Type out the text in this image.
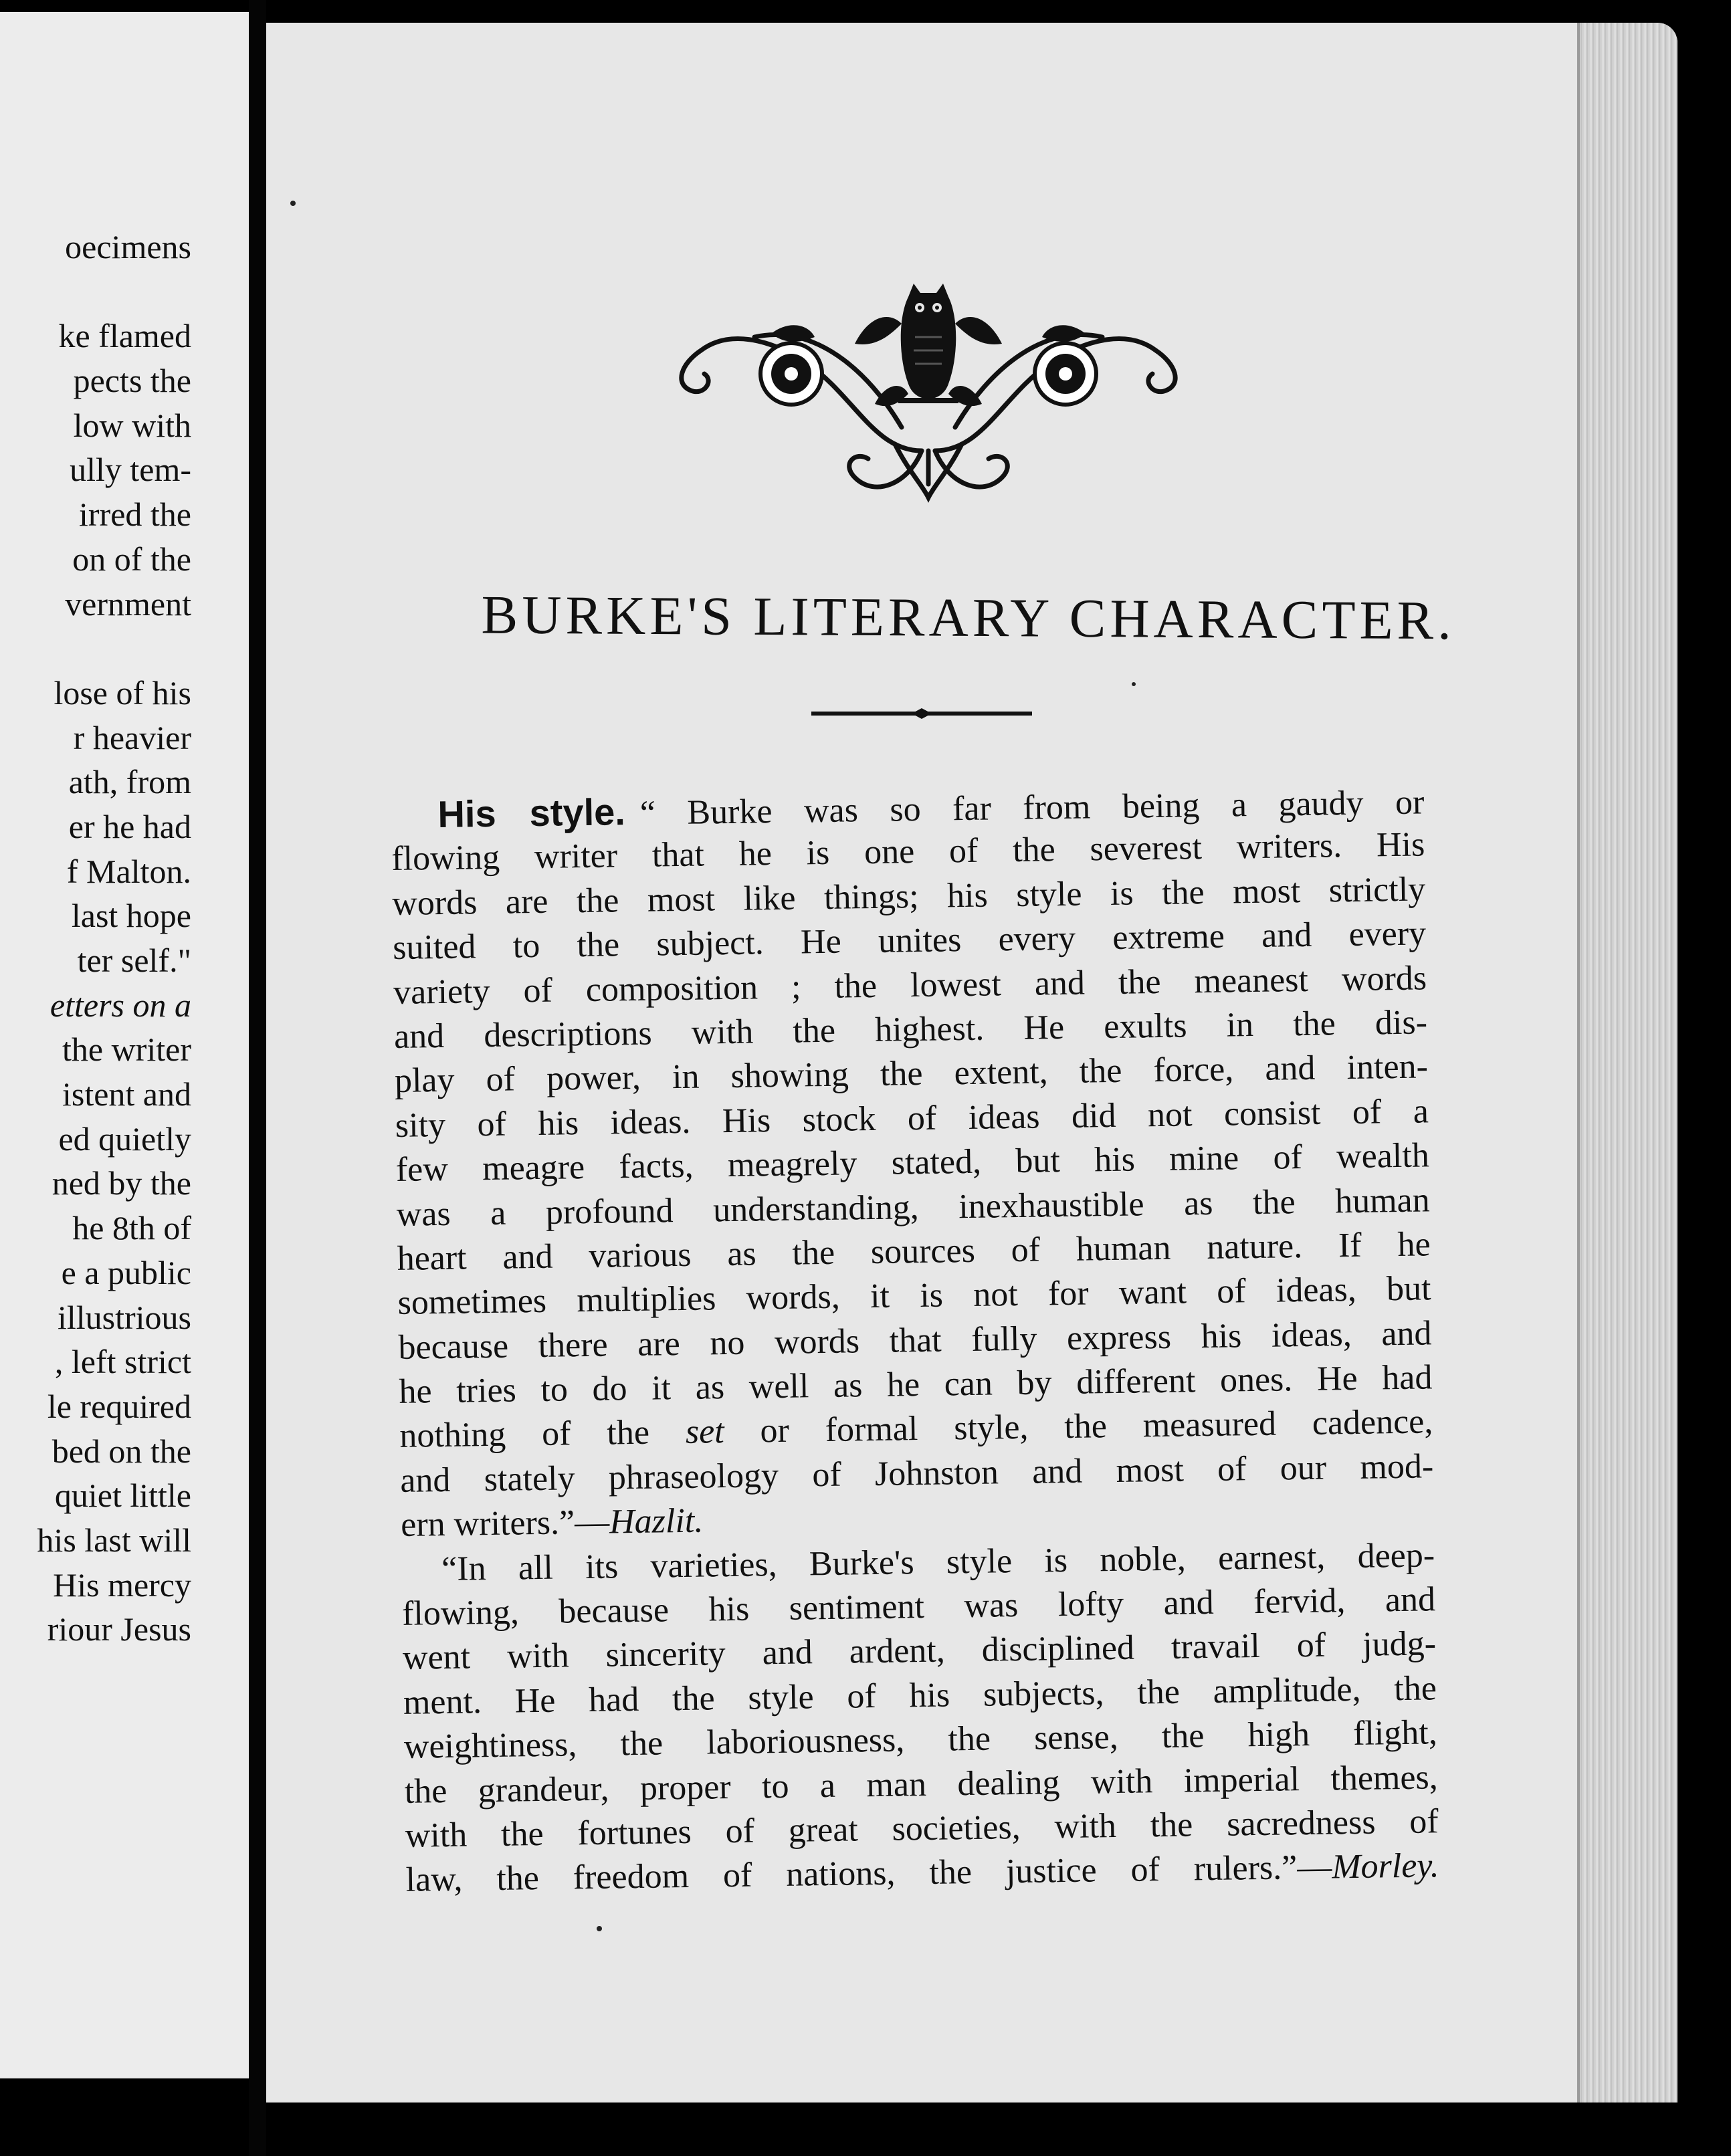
oecimens
ke flamed
pects the
low with
ully tem-
irred the
on of the
vernment
lose of his
r heavier
ath, from
er he had
f Malton.
last hope
ter self."
etters on a
the writer
istent and
ed quietly
ned by the
he 8th of
e a public
illustrious
, left strict
le required
bed on the
quiet little
his last will
His mercy
riour Jesus
BURKE'S LITERARY CHARACTER.

His style. “ Burke was so far from being a gaudy or
flowing writer that he is one of the severest writers. His
words are the most like things; his style is the most strictly
suited to the subject. He unites every extreme and every
variety of composition ; the lowest and the meanest words
and descriptions with the highest. He exults in the dis-
play of power, in showing the extent, the force, and inten-
sity of his ideas. His stock of ideas did not consist of a
few meagre facts, meagrely stated, but his mine of wealth
was a profound understanding, inexhaustible as the human
heart and various as the sources of human nature. If he
sometimes multiplies words, it is not for want of ideas, but
because there are no words that fully express his ideas, and
he tries to do it as well as he can by different ones. He had
nothing of the set or formal style, the measured cadence,
and stately phraseology of Johnston and most of our mod-
ern writers.”—Hazlit.

“In all its varieties, Burke's style is noble, earnest, deep-
flowing, because his sentiment was lofty and fervid, and
went with sincerity and ardent, disciplined travail of judg-
ment. He had the style of his subjects, the amplitude, the
weightiness, the laboriousness, the sense, the high flight,
the grandeur, proper to a man dealing with imperial themes,
with the fortunes of great societies, with the sacredness of
law, the freedom of nations, the justice of rulers.”—Morley.
